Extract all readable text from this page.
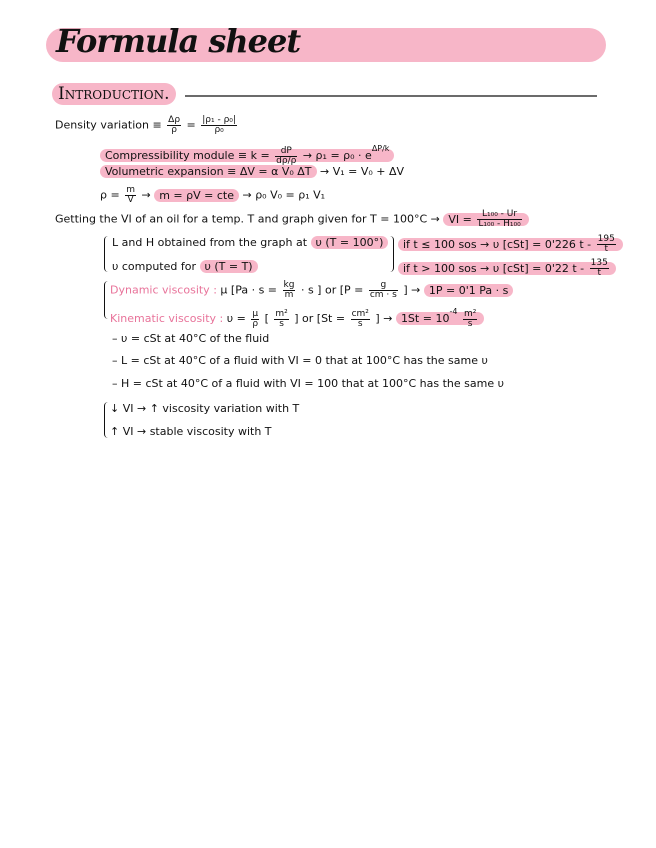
Formula sheet
Introduction.
Density variation ≡ $\frac{\Delta\rho}{\rho} = \frac{\text{|ρ₁ - ρ₀|}}{\text{ρ₀}}$
Compressibility module ≡ $k = \frac{dP}{d\rho/\rho} \to \rho_1 = \rho_0 \cdot e^{\Delta P/k}$
Volumetric expansion ≡ ΔV = α V₀ ΔT → V₁ = V₀ + ΔV
$\rho = \frac{m}{V} \to m = \rho V$ = cte → ρ₀ V₀ = ρ₁ V₁
Getting the VI of an oil for a temp. T and graph given for T = 100°C → VI = $\frac{\text{L₁₀₀ - Ur}}{\text{L₁₀₀ - H₁₀₀}}$
L and H obtained from the graph at υ (T = 100°)	if t ≤ 100 sos → υ [cSt] = 0'226 t - $\frac{195}{t}$
υ computed for υ (T = T)	if t > 100 sos → υ [cSt] = 0'22 t - $\frac{135}{t}$
Dynamic viscosity : μ [$Pa \cdot s = \frac{kg}{m} \cdot s$ ] or [$P = \frac{g}{cm \cdot s}$ ] → 1P = 0'1 Pa · s
Kinematic viscosity : $\upsilon = \frac{\mu}{\rho}$ [ $\frac{\text{m²}}{s}$ ] or [$St = \frac{\text{cm²}}{s}$ ] → $1St = 10^{-4} \frac{\text{m²}}{s}$
– υ = cSt at 40°C of the fluid
– L = cSt at 40°C of a fluid with VI = 0 that at 100°C has the same υ
– H = cSt at 40°C of a fluid with VI = 100 that at 100°C has the same υ
↓ VI → ↑ viscosity variation with T
↑ VI → stable viscosity with T
